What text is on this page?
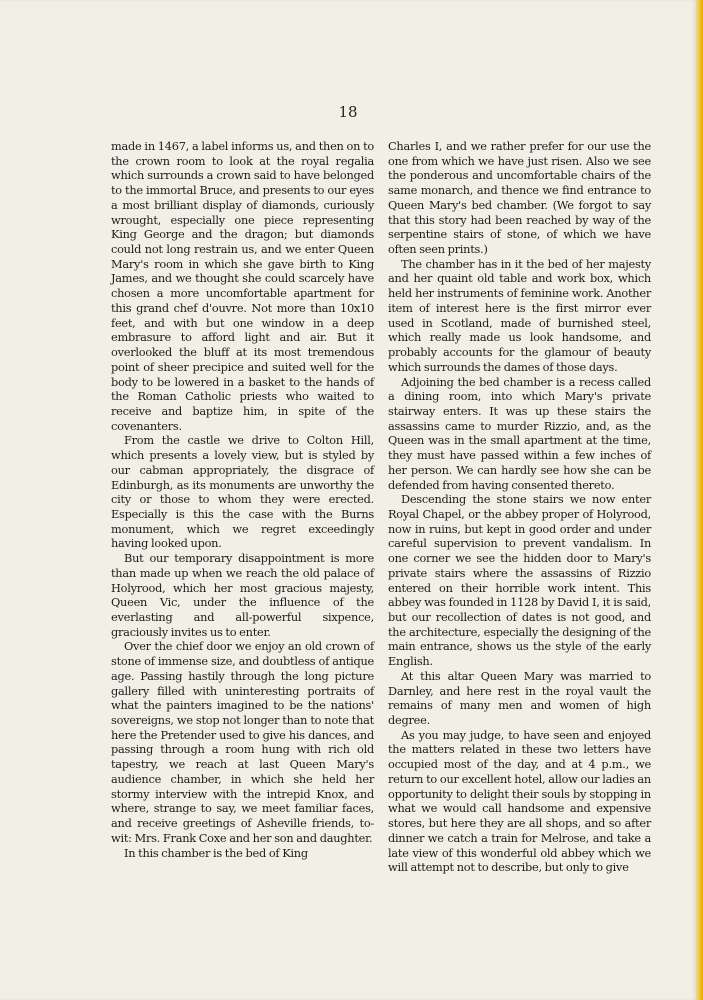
18

made in 1467, a label informs us, and then on to the crown room to look at the royal regalia which surrounds a crown said to have belonged to the immortal Bruce, and presents to our eyes a most brilliant display of diamonds, curiously wrought, especially one piece representing King George and the dragon; but diamonds could not long restrain us, and we enter Queen Mary's room in which she gave birth to King James, and we thought she could scarcely have chosen a more uncomfortable apartment for this grand chef d'ouvre. Not more than 10x10 feet, and with but one window in a deep embrasure to afford light and air. But it overlooked the bluff at its most tremendous point of sheer precipice and suited well for the body to be lowered in a basket to the hands of the Roman Catholic priests who waited to receive and baptize him, in spite of the covenanters.

From the castle we drive to Colton Hill, which presents a lovely view, but is styled by our cabman appropriately, the disgrace of Edinburgh, as its monuments are unworthy the city or those to whom they were erected. Especially is this the case with the Burns monument, which we regret exceedingly having looked upon.

But our temporary disappointment is more than made up when we reach the old palace of Holyrood, which her most gracious majesty, Queen Vic, under the influence of the everlasting and all-powerful sixpence, graciously invites us to enter.

Over the chief door we enjoy an old crown of stone of immense size, and doubtless of antique age. Passing hastily through the long picture gallery filled with uninteresting portraits of what the painters imagined to be the nations' sovereigns, we stop not longer than to note that here the Pretender used to give his dances, and passing through a room hung with rich old tapestry, we reach at last Queen Mary's audience chamber, in which she held her stormy interview with the intrepid Knox, and where, strange to say, we meet familiar faces, and receive greetings of Asheville friends, to-wit: Mrs. Frank Coxe and her son and daughter.

In this chamber is the bed of King

Charles I, and we rather prefer for our use the one from which we have just risen. Also we see the ponderous and uncomfortable chairs of the same monarch, and thence we find entrance to Queen Mary's bed chamber. (We forgot to say that this story had been reached by way of the serpentine stairs of stone, of which we have often seen prints.)

The chamber has in it the bed of her majesty and her quaint old table and work box, which held her instruments of feminine work. Another item of interest here is the first mirror ever used in Scotland, made of burnished steel, which really made us look handsome, and probably accounts for the glamour of beauty which surrounds the dames of those days.

Adjoining the bed chamber is a recess called a dining room, into which Mary's private stairway enters. It was up these stairs the assassins came to murder Rizzio, and, as the Queen was in the small apartment at the time, they must have passed within a few inches of her person. We can hardly see how she can be defended from having consented thereto.

Descending the stone stairs we now enter Royal Chapel, or the abbey proper of Holyrood, now in ruins, but kept in good order and under careful supervision to prevent vandalism. In one corner we see the hidden door to Mary's private stairs where the assassins of Rizzio entered on their horrible work intent. This abbey was founded in 1128 by David I, it is said, but our recollection of dates is not good, and the architecture, especially the designing of the main entrance, shows us the style of the early English.

At this altar Queen Mary was married to Darnley, and here rest in the royal vault the remains of many men and women of high degree.

As you may judge, to have seen and enjoyed the matters related in these two letters have occupied most of the day, and at 4 p.m., we return to our excellent hotel, allow our ladies an opportunity to delight their souls by stopping in what we would call handsome and expensive stores, but here they are all shops, and so after dinner we catch a train for Melrose, and take a late view of this wonderful old abbey which we will attempt not to describe, but only to give
